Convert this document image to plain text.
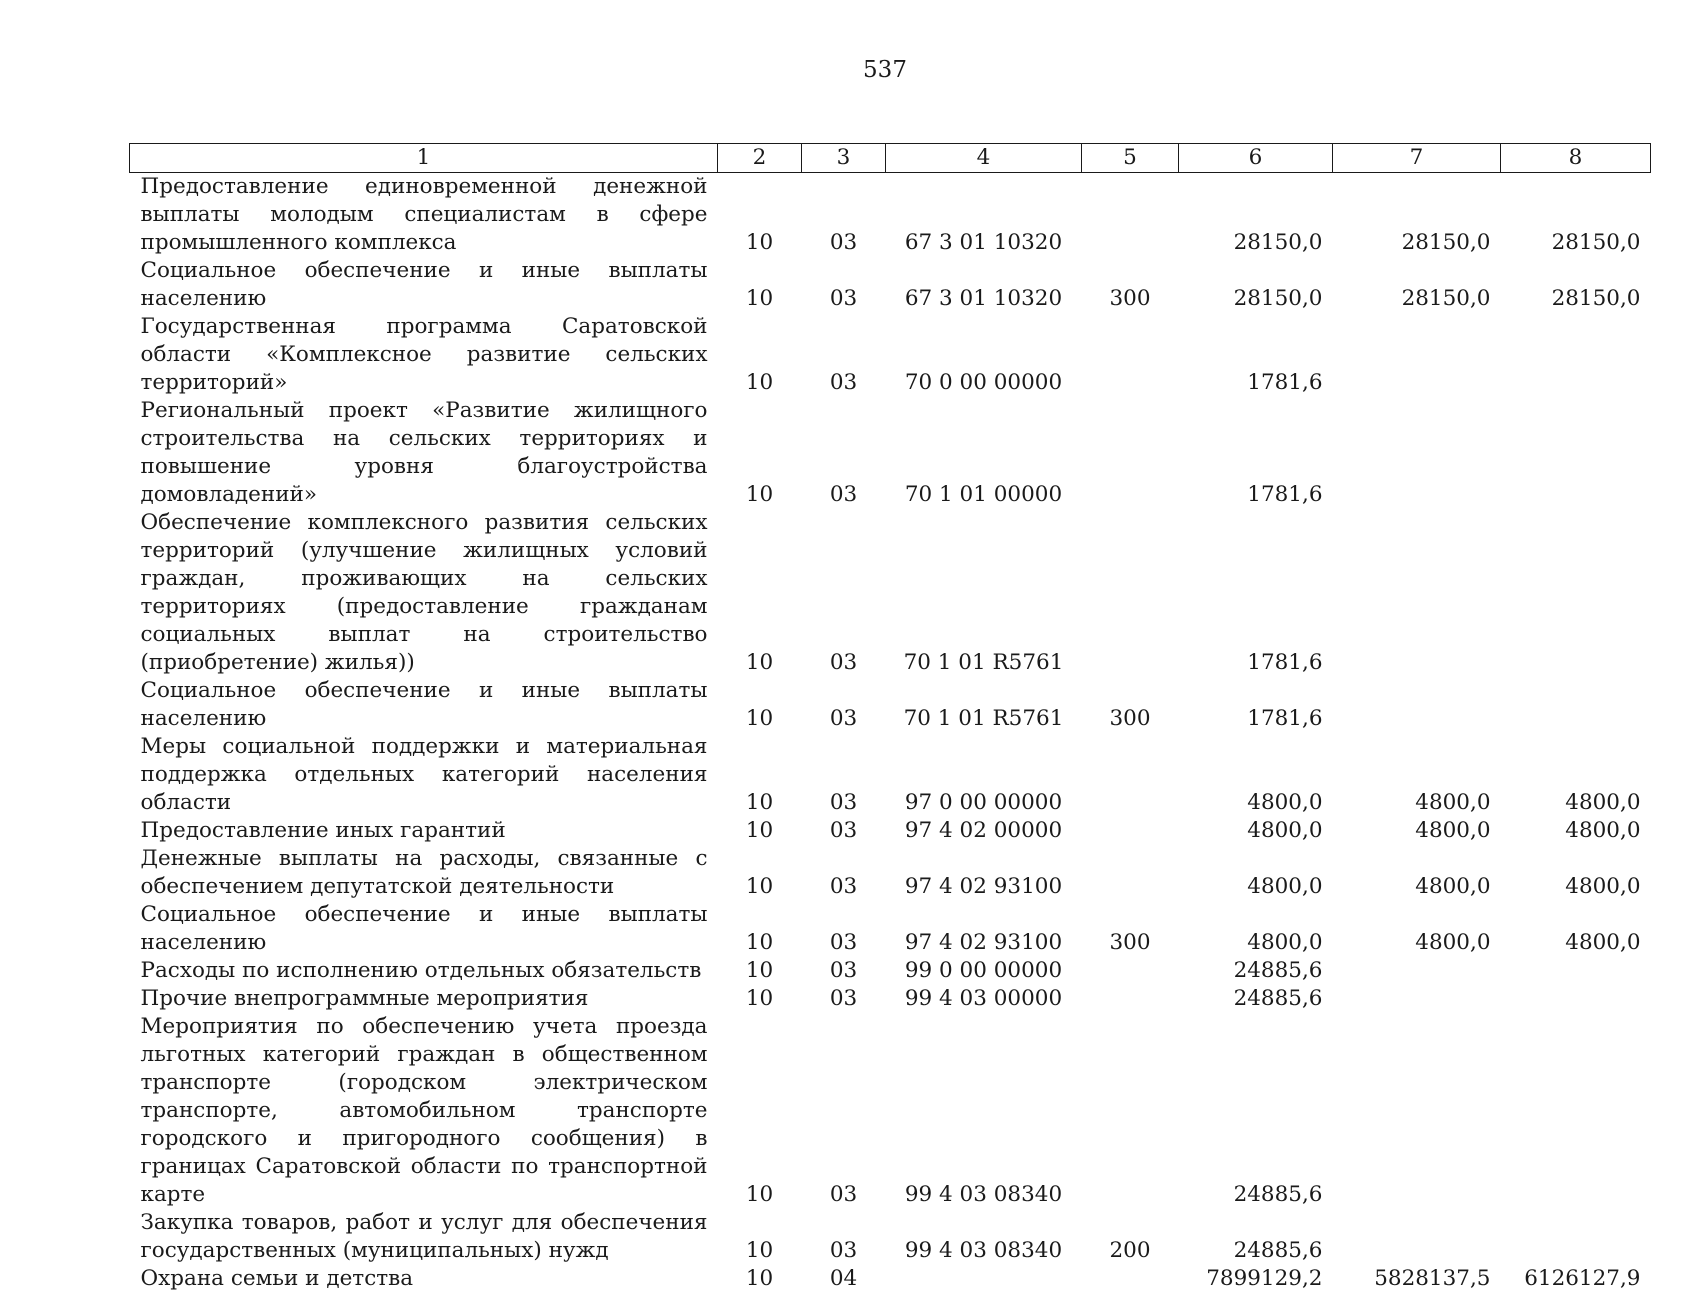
537
1	2	3	4	5	6	7	8
Предоставление единовременной денежной выплаты молодым специалистам в сфере промышленного комплекса	10	03	67 3 01 10320		28150,0	28150,0	28150,0
Социальное обеспечение и иные выплаты населению	10	03	67 3 01 10320	300	28150,0	28150,0	28150,0
Государственная программа Саратовской области «Комплексное развитие сельских территорий»	10	03	70 0 00 00000		1781,6		
Региональный проект «Развитие жилищного строительства на сельских территориях и повышение уровня благоустройства домовладений»	10	03	70 1 01 00000		1781,6		
Обеспечение комплексного развития сельских территорий (улучшение жилищных условий граждан, проживающих на сельских территориях (предоставление гражданам социальных выплат на строительство (приобретение) жилья))	10	03	70 1 01 R5761		1781,6		
Социальное обеспечение и иные выплаты населению	10	03	70 1 01 R5761	300	1781,6		
Меры социальной поддержки и материальная поддержка отдельных категорий населения области	10	03	97 0 00 00000		4800,0	4800,0	4800,0
Предоставление иных гарантий	10	03	97 4 02 00000		4800,0	4800,0	4800,0
Денежные выплаты на расходы, связанные с обеспечением депутатской деятельности	10	03	97 4 02 93100		4800,0	4800,0	4800,0
Социальное обеспечение и иные выплаты населению	10	03	97 4 02 93100	300	4800,0	4800,0	4800,0
Расходы по исполнению отдельных обязательств	10	03	99 0 00 00000		24885,6		
Прочие внепрограммные мероприятия	10	03	99 4 03 00000		24885,6		
Мероприятия по обеспечению учета проезда льготных категорий граждан в общественном транспорте (городском электрическом транспорте, автомобильном транспорте городского и пригородного сообщения) в границах Саратовской области по транспортной карте	10	03	99 4 03 08340		24885,6		
Закупка товаров, работ и услуг для обеспечения государственных (муниципальных) нужд	10	03	99 4 03 08340	200	24885,6		
Охрана семьи и детства	10	04			7899129,2	5828137,5	6126127,9
